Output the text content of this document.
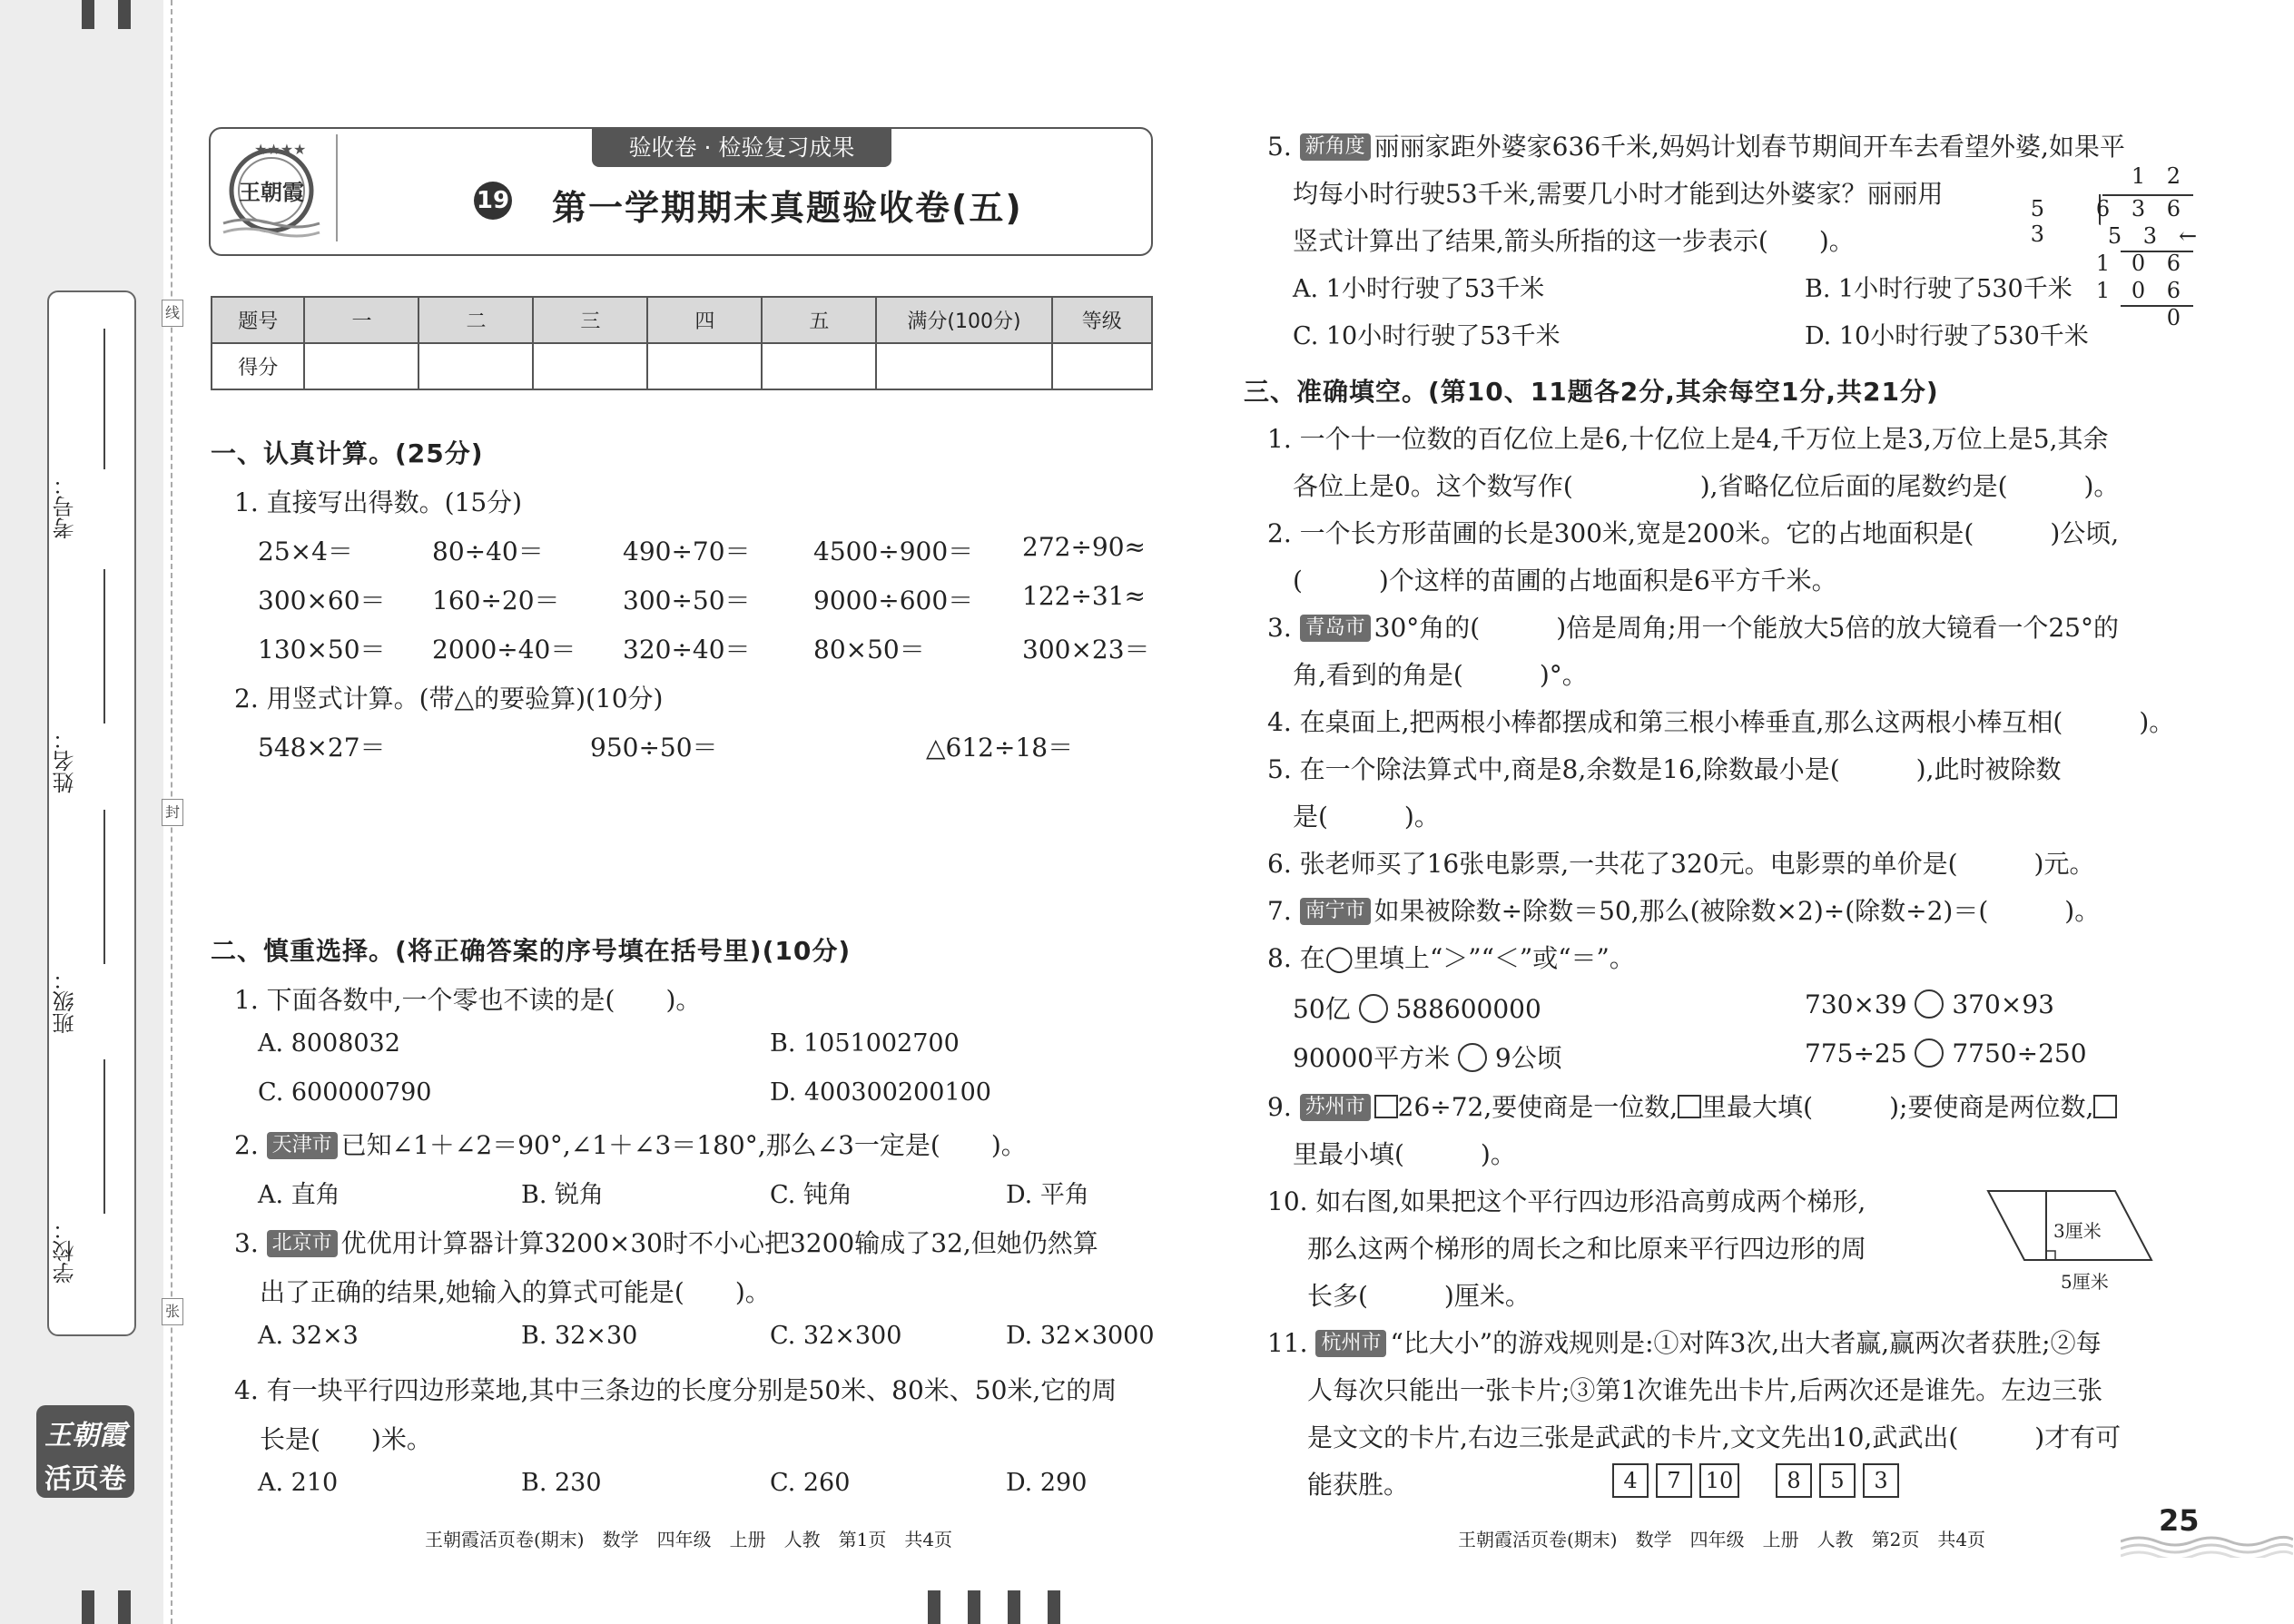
考号：
姓名：
班级：
学校：
线
封
张
王朝霞
活页卷
★★★★
王朝霞
验收卷 · 检验复习成果
19 第一学期期末真题验收卷(五)
题号	一	二	三	四	五	满分(100分)	等级
得分							
一、认真计算。(25分)
1. 直接写出得数。(15分)
25×4＝	80÷40＝	490÷70＝ 4500÷900＝ 272÷90≈
300×60＝ 160÷20＝ 300÷50＝ 9000÷600＝ 122÷31≈
130×50＝ 2000÷40＝ 320÷40＝ 80×50＝	300×23＝
2. 用竖式计算。(带△的要验算)(10分)
548×27＝	950÷50＝	△612÷18＝
二、慎重选择。(将正确答案的序号填在括号里)(10分)
1. 下面各数中,一个零也不读的是(　　)。
A. 8008032	B. 1051002700
C. 600000790	D. 400300200100
2. 天津市 已知∠1＋∠2＝90°,∠1＋∠3＝180°,那么∠3一定是(　　)。
A. 直角	B. 锐角	C. 钝角	D. 平角
3. 北京市 优优用计算器计算3200×30时不小心把3200输成了32,但她仍然算
出了正确的结果,她输入的算式可能是(　　)。
A. 32×3	B. 32×30	C. 32×300	D. 32×3000
4. 有一块平行四边形菜地,其中三条边的长度分别是50米、80米、50米,它的周
长是(　　)米。
A. 210	B. 230	C. 260	D. 290
王朝霞活页卷(期末)　数学　四年级　上册　人教　第1页　共4页
5. 新角度 丽丽家距外婆家636千米,妈妈计划春节期间开车去看望外婆,如果平
均每小时行驶53千米,需要几小时才能到达外婆家？丽丽用
竖式计算出了结果,箭头所指的这一步表示(　　)。
A. 1小时行驶了53千米	B. 1小时行驶了530千米
C. 10小时行驶了53千米	D. 10小时行驶了530千米
1 2
5 3
6 3 6
5 3 ←
1 0 6
1 0 6
0
三、准确填空。(第10、11题各2分,其余每空1分,共21分)
1. 一个十一位数的百亿位上是6,十亿位上是4,千万位上是3,万位上是5,其余
各位上是0。这个数写作(　　　　　),省略亿位后面的尾数约是(　　　)。
2. 一个长方形苗圃的长是300米,宽是200米。它的占地面积是(　　　)公顷,
(　　　)个这样的苗圃的占地面积是6平方千米。
3. 青岛市 30°角的(　　　)倍是周角;用一个能放大5倍的放大镜看一个25°的
角,看到的角是(　　　)°。
4. 在桌面上,把两根小棒都摆成和第三根小棒垂直,那么这两根小棒互相(　　　)。
5. 在一个除法算式中,商是8,余数是16,除数最小是(　　　),此时被除数
是(　　　)。
6. 张老师买了16张电影票,一共花了320元。电影票的单价是(　　　)元。
7. 南宁市 如果被除数÷除数＝50,那么(被除数×2)÷(除数÷2)＝(　　　)。
8. 在◯里填上“＞”“＜”或“＝”。
50亿 588600000	730×39 370×93
90000平方米 9公顷	775÷25 7750÷250
9. 苏州市 26÷72,要使商是一位数, 里最大填(　　　);要使商是两位数,
里最小填(　　　)。
10. 如右图,如果把这个平行四边形沿高剪成两个梯形,
那么这两个梯形的周长之和比原来平行四边形的周
长多(　　　)厘米。
3厘米
5厘米
11. 杭州市 “比大小”的游戏规则是:①对阵3次,出大者赢,赢两次者获胜;②每
人每次只能出一张卡片;③第1次谁先出卡片,后两次还是谁先。左边三张
是文文的卡片,右边三张是武武的卡片,文文先出10,武武出(　　　)才有可
能获胜。	4 7 10	8 5 3
王朝霞活页卷(期末)　数学　四年级　上册　人教　第2页　共4页
25
